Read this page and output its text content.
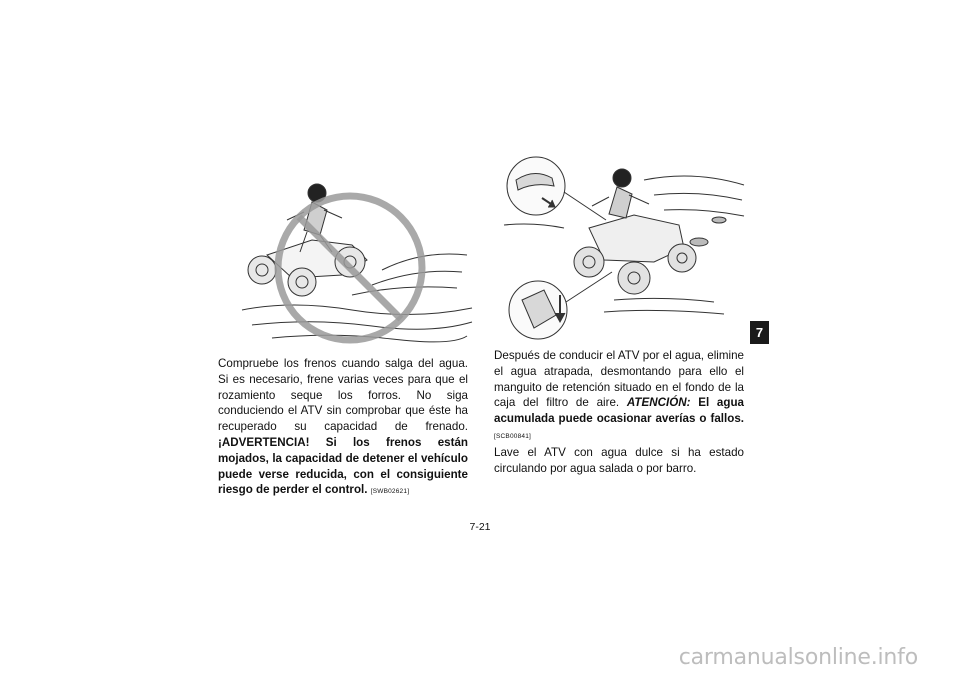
Compruebe los frenos cuando salga del agua. Si es necesario, frene varias veces para que el rozamiento seque los forros. No siga conduciendo el ATV sin comprobar que éste ha recuperado su capacidad de frenado. ¡ADVERTENCIA! Si los frenos están mojados, la capacidad de detener el vehículo puede verse reducida, con el consiguiente riesgo de perder el control. [SWB02621]

Después de conducir el ATV por el agua, elimine el agua atrapada, desmontando para ello el manguito de retención situado en el fondo de la caja del filtro de aire. ATENCIÓN: El agua acumulada puede ocasionar averías o fallos. [SCB00841]

Lave el ATV con agua dulce si ha estado circulando por agua salada o por barro.

7
7-21
carmanualsonline.info
